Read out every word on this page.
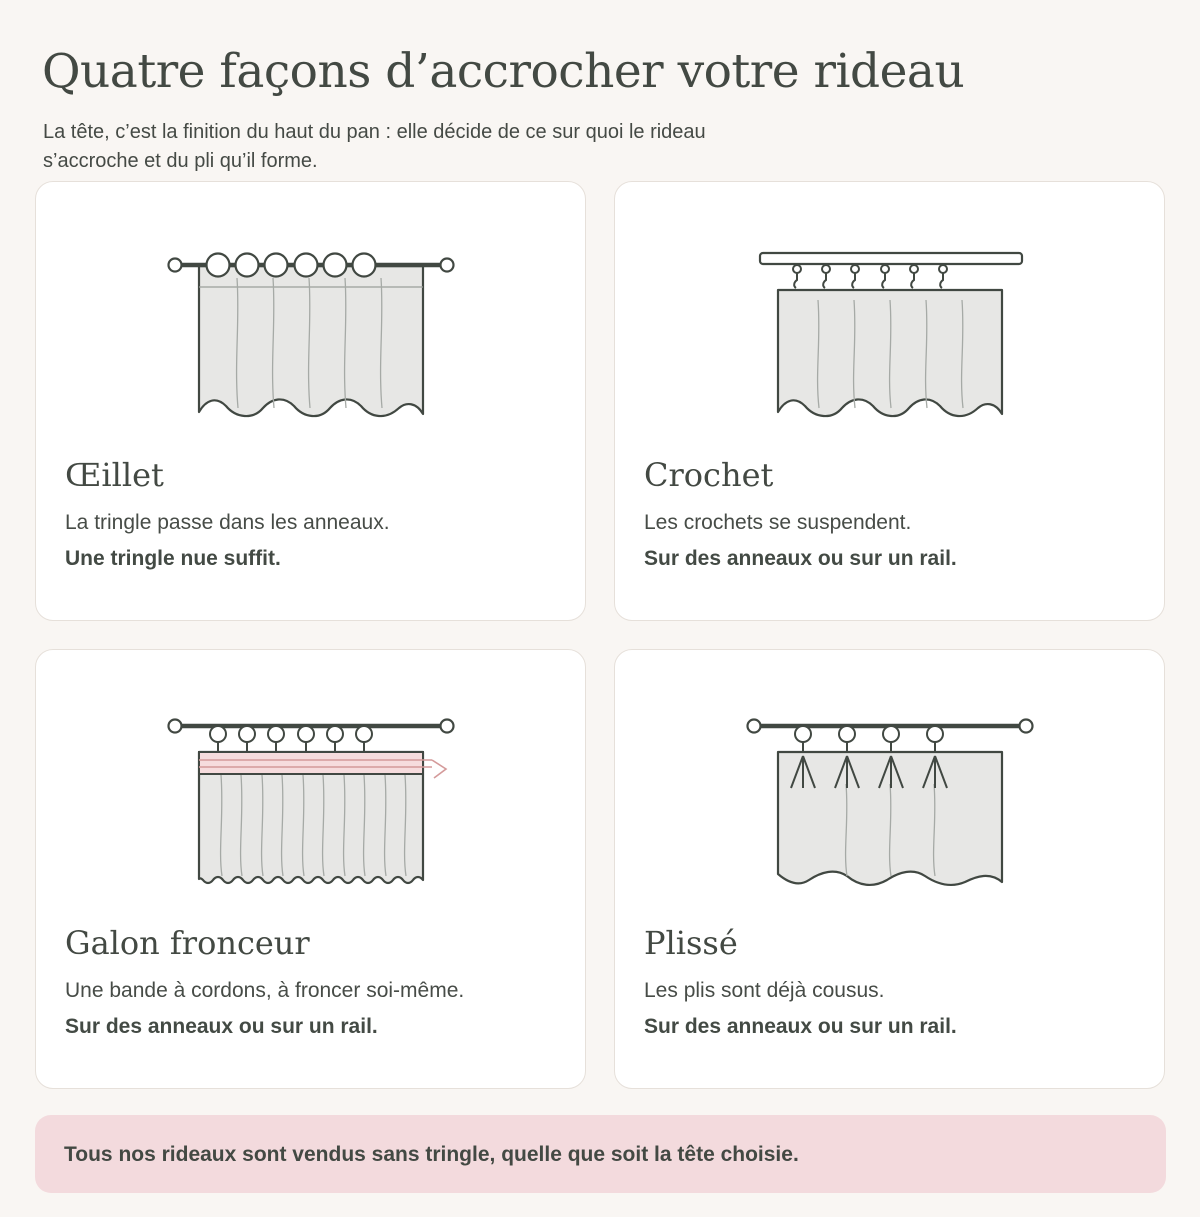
Quatre façons d’accrocher votre rideau

La tête, c’est la finition du haut du pan : elle décide de ce sur quoi le rideau
s’accroche et du pli qu’il forme.

Œillet
La tringle passe dans les anneaux.
Une tringle nue suffit.
Crochet
Les crochets se suspendent.
Sur des anneaux ou sur un rail.
Galon fronceur
Une bande à cordons, à froncer soi-même.
Sur des anneaux ou sur un rail.
Plissé
Les plis sont déjà cousus.
Sur des anneaux ou sur un rail.
Tous nos rideaux sont vendus sans tringle, quelle que soit la tête choisie.
